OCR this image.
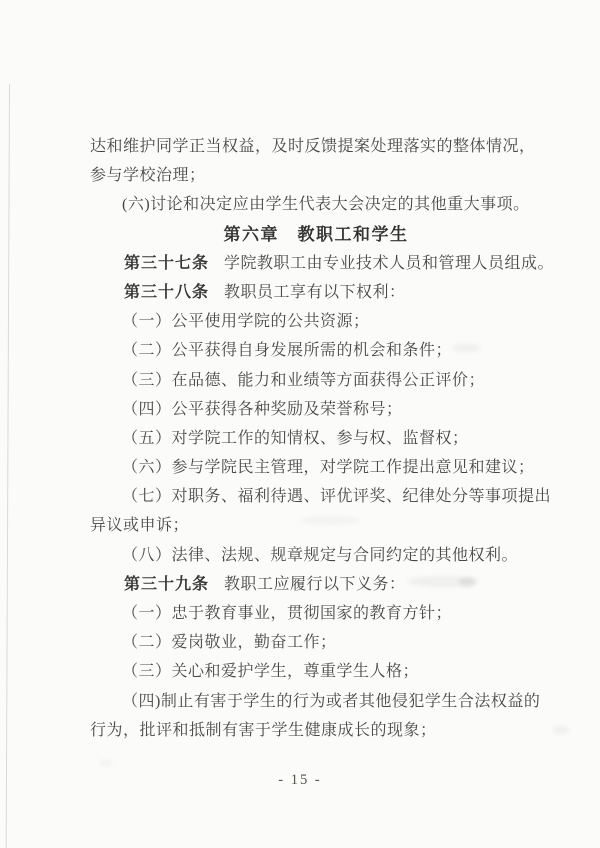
达和维护同学正当权益，及时反馈提案处理落实的整体情况，
参与学校治理；
(六)讨论和决定应由学生代表大会决定的其他重大事项。
第六章　教职工和学生
第三十七条 学院教职工由专业技术人员和管理人员组成。
第三十八条 教职员工享有以下权利：
（一）公平使用学院的公共资源；
（二）公平获得自身发展所需的机会和条件；
（三）在品德、能力和业绩等方面获得公正评价；
（四）公平获得各种奖励及荣誉称号；
（五）对学院工作的知情权、参与权、监督权；
（六）参与学院民主管理，对学院工作提出意见和建议；
（七）对职务、福利待遇、评优评奖、纪律处分等事项提出
异议或申诉；
（八）法律、法规、规章规定与合同约定的其他权利。
第三十九条 教职工应履行以下义务：
（一）忠于教育事业，贯彻国家的教育方针；
（二）爱岗敬业，勤奋工作；
（三）关心和爱护学生，尊重学生人格；
（四)制止有害于学生的行为或者其他侵犯学生合法权益的
行为，批评和抵制有害于学生健康成长的现象；
- 15 -
